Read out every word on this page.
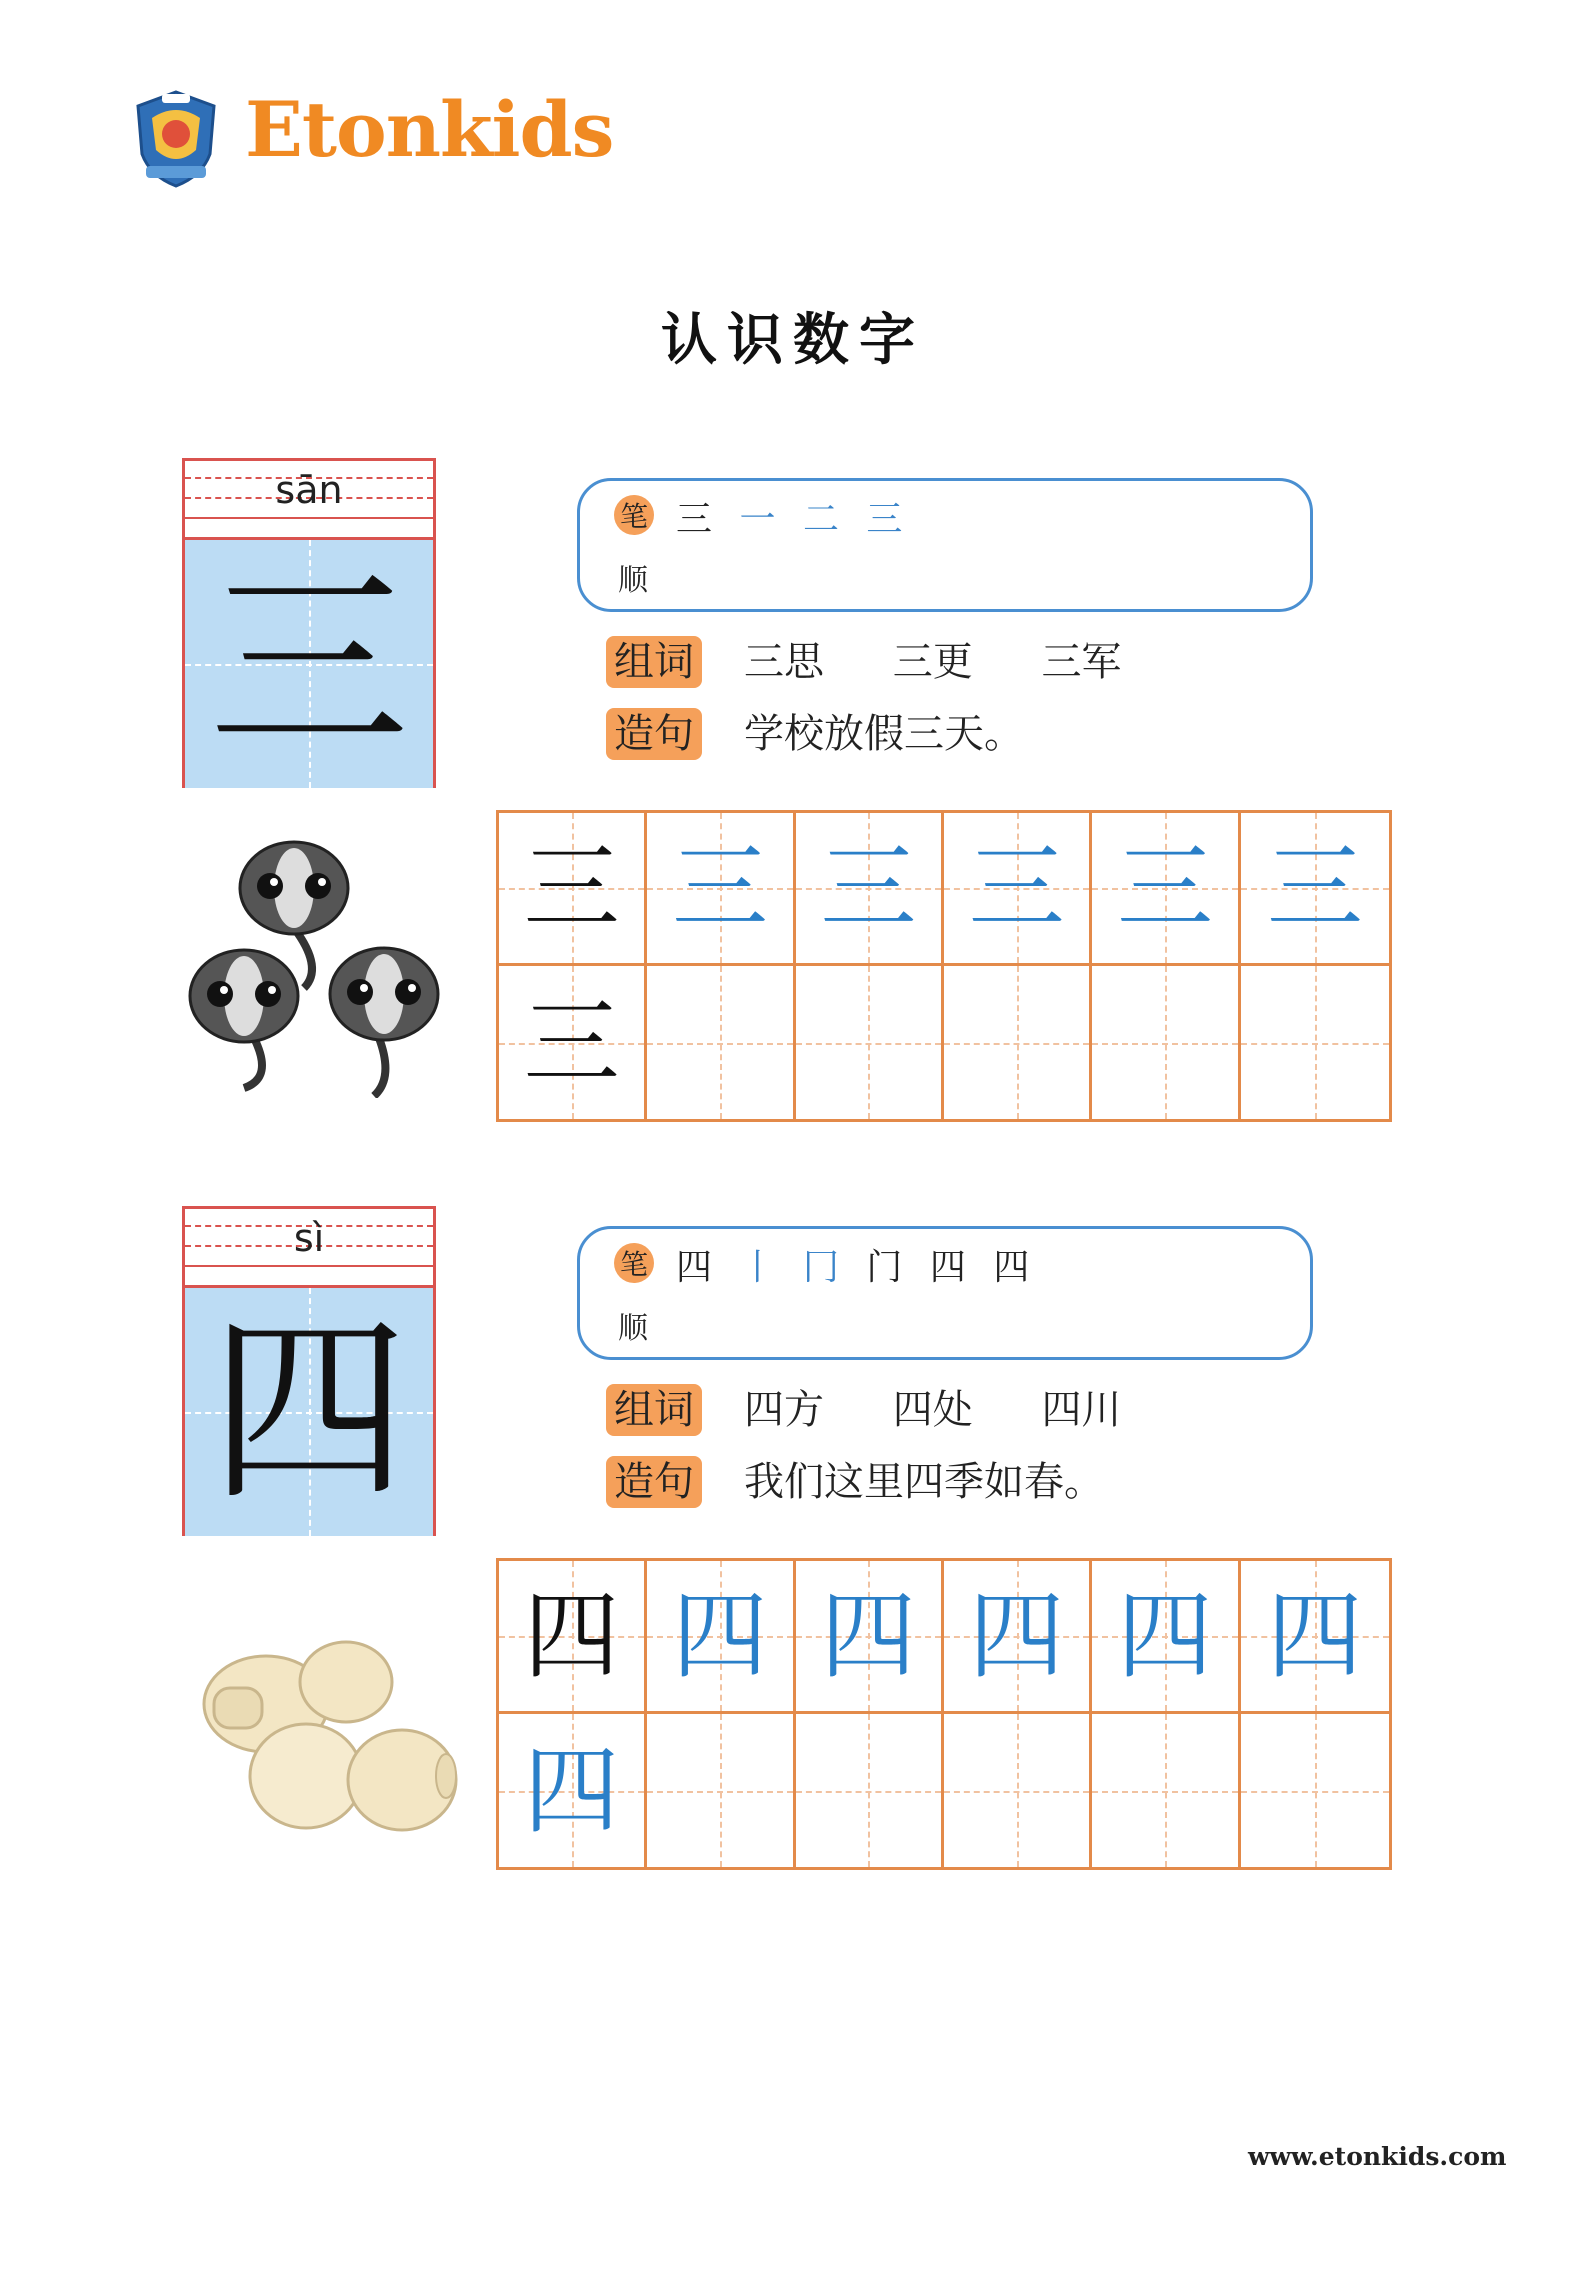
Etonkids
认识数字
sān
三
笔
顺
三 一 二 三
组词 三思 三更 三军
造句 学校放假三天。
三 三 三 三 三 三
三
sì
四
笔
顺
四 丨 冂 门 四 四
组词 四方 四处 四川
造句 我们这里四季如春。
四 四 四 四 四 四
四
www.etonkids.com
